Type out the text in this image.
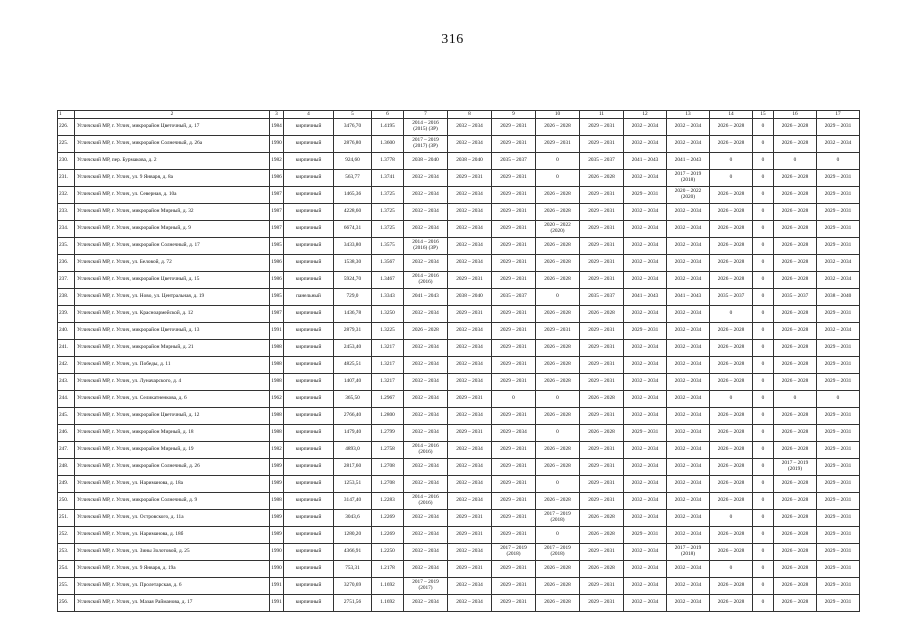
316
1	2	3	4	5	6	7	8	9	10	11	12	13	14	15	16	17
226.	Угличский МР, г. Углич, микрорайон Цветочный, д. 17	1984	кирпичный	3476,70	1.4195	2014 – 2016 (2015) (ЗР)	2032 – 2034	2029 – 2031	2026 – 2028	2029 – 2031	2032 – 2034	2032 – 2034	2026 – 2028	0	2026 – 2028	2029 – 2031
225.	Угличский МР, г. Углич, микрорайон Солнечный, д. 26а	1990	кирпичный	2876,80	1.3600	2017 – 2019 (2017) (ЗР)	2032 – 2034	2029 – 2031	2029 – 2031	2029 – 2031	2032 – 2034	2032 – 2034	2026 – 2028	0	2026 – 2028	2032 – 2034
230.	Угличский МР, пер. Бурмакова, д. 2	1982	кирпичный	924,60	1.3778	2038 – 2040	2038 – 2040	2035 – 2037	0	2035 – 2037	2041 – 2043	2041 – 2043	0	0	0	0
231.	Угличский МР, г. Углич, ул. 9 Января, д. 8а	1986	кирпичный	563,77	1.3741	2032 – 2034	2029 – 2031	2029 – 2031	0	2026 – 2028	2032 – 2034	2017 – 2019 (2018)	0	0	2026 – 2028	2029 – 2031
232.	Угличский МР, г. Углич, ул. Северная, д. 10а	1987	кирпичный	1465,36	1.3725	2032 – 2034	2032 – 2034	2029 – 2031	2026 – 2028	2029 – 2031	2029 – 2031	2020 – 2022 (2020)	2026 – 2028	0	2026 – 2028	2029 – 2031
233.	Угличский МР, г. Углич, микрорайон Мирный, д. 32	1987	кирпичный	4228,60	1.3725	2032 – 2034	2032 – 2034	2029 – 2031	2026 – 2028	2029 – 2031	2032 – 2034	2032 – 2034	2026 – 2028	0	2026 – 2028	2029 – 2031
234.	Угличский МР, г. Углич, микрорайон Мирный, д. 9	1987	кирпичный	6674,31	1.3725	2032 – 2034	2032 – 2034	2029 – 2031	2020 – 2022 (2020)	2029 – 2031	2032 – 2034	2032 – 2034	2026 – 2028	0	2026 – 2028	2029 – 2031
235.	Угличский МР, г. Углич, микрорайон Солнечный, д. 17	1985	кирпичный	3433,80	1.3575	2014 – 2016 (2016) (ЗР)	2032 – 2034	2029 – 2031	2026 – 2028	2029 – 2031	2032 – 2034	2032 – 2034	2026 – 2028	0	2026 – 2028	2029 – 2031
236.	Угличский МР, г. Углич, ул. Беловой, д. 72	1986	кирпичный	1538,30	1.3567	2032 – 2034	2032 – 2034	2029 – 2031	2026 – 2028	2029 – 2031	2032 – 2034	2032 – 2034	2026 – 2028	0	2026 – 2028	2032 – 2034
237.	Угличский МР, г. Углич, микрорайон Цветочный, д. 15	1986	кирпичный	5924,70	1.3467	2014 – 2016 (2016)	2029 – 2031	2029 – 2031	2026 – 2028	2029 – 2031	2032 – 2034	2032 – 2034	2026 – 2028	0	2026 – 2028	2032 – 2034
238.	Угличский МР, г. Углич, ул. Ново, ул. Центральная, д. 19	1985	панельный	729,0	1.3343	2041 – 2043	2038 – 2040	2035 – 2037	0	2035 – 2037	2041 – 2043	2041 – 2043	2035 – 2037	0	2035 – 2037	2038 – 2040
239.	Угличский МР, г. Углич, ул. Красноармейской, д. 12	1987	кирпичный	1436,78	1.3250	2032 – 2034	2029 – 2031	2029 – 2031	2026 – 2028	2026 – 2028	2032 – 2034	2032 – 2034	0	0	2026 – 2028	2029 – 2031
240.	Угличский МР, г. Углич, микрорайон Цветочный, д. 13	1991	кирпичный	2879,31	1.3225	2026 – 2028	2032 – 2034	2029 – 2031	2029 – 2031	2029 – 2031	2029 – 2031	2032 – 2034	2026 – 2028	0	2026 – 2028	2032 – 2034
241.	Угличский МР, г. Углич, микрорайон Мирный, д. 21	1988	кирпичный	2453,40	1.3217	2032 – 2034	2032 – 2034	2029 – 2031	2026 – 2028	2029 – 2031	2032 – 2034	2032 – 2034	2026 – 2028	0	2026 – 2028	2029 – 2031
242.	Угличский МР, г. Углич, ул. Победы, д. 11	1988	кирпичный	4825,51	1.3217	2032 – 2034	2032 – 2034	2029 – 2031	2026 – 2028	2029 – 2031	2032 – 2034	2032 – 2034	2026 – 2028	0	2026 – 2028	2029 – 2031
243.	Угличский МР, г. Углич, ул. Луначарского, д. 4	1988	кирпичный	1407,40	1.3217	2032 – 2034	2032 – 2034	2029 – 2031	2026 – 2028	2029 – 2031	2032 – 2034	2032 – 2034	2026 – 2028	0	2026 – 2028	2029 – 2031
244.	Угличский МР, г. Углич, ул. Селикатненкова, д. 6	1962	кирпичный	365,50	1.2967	2032 – 2034	2029 – 2031	0	0	2026 – 2028	2032 – 2034	2032 – 2034	0	0	0	0
245.	Угличский МР, г. Углич, микрорайон Цветочный, д. 12	1988	кирпичный	2766,40	1.2800	2032 – 2034	2032 – 2034	2029 – 2031	2026 – 2028	2029 – 2031	2032 – 2034	2032 – 2034	2026 – 2028	0	2026 – 2028	2029 – 2031
246.	Угличский МР, г. Углич, микрорайон Мирный, д. 18	1988	кирпичный	1479,40	1.2799	2032 – 2034	2029 – 2031	2029 – 2034	0	2026 – 2028	2029 – 2031	2032 – 2034	2026 – 2028	0	2026 – 2028	2029 – 2031
247.	Угличский МР, г. Углич, микрорайон Мирный, д. 19	1982	кирпичный	4893,0	1.2758	2014 – 2016 (2016)	2032 – 2034	2029 – 2031	2026 – 2028	2029 – 2031	2032 – 2034	2032 – 2034	2026 – 2028	0	2026 – 2028	2029 – 2031
248.	Угличский МР, г. Углич, микрорайон Солнечный, д. 26	1989	кирпичный	2817,60	1.2708	2032 – 2034	2032 – 2034	2029 – 2031	2026 – 2028	2029 – 2031	2032 – 2034	2032 – 2034	2026 – 2028	0	2017 – 2019 (2019)	2029 – 2031
249.	Угличский МР, г. Углич, ул. Нариманова, д. 18а	1989	кирпичный	1253,51	1.2708	2032 – 2034	2032 – 2034	2029 – 2031	0	2029 – 2031	2032 – 2034	2032 – 2034	2026 – 2028	0	2026 – 2028	2029 – 2031
250.	Угличский МР, г. Углич, микрорайон Солнечный, д. 9	1988	кирпичный	3147,40	1.2283	2014 – 2016 (2016)	2032 – 2034	2029 – 2031	2026 – 2028	2029 – 2031	2032 – 2034	2032 – 2034	2026 – 2028	0	2026 – 2028	2029 – 2031
251.	Угличский МР, г. Углич, ул. Островского, д. 11а	1989	кирпичный	3043,6	1.2269	2032 – 2034	2029 – 2031	2029 – 2031	2017 – 2019 (2018)	2026 – 2028	2032 – 2034	2032 – 2034	0	0	2026 – 2028	2029 – 2031
252.	Угличский МР, г. Углич, ул. Нариманова, д. 18б	1989	кирпичный	1280,20	1.2269	2032 – 2034	2029 – 2031	2029 – 2031	0	2026 – 2028	2029 – 2031	2032 – 2034	2026 – 2028	0	2026 – 2028	2029 – 2031
253.	Угличский МР, г. Углич, ул. Зины Золотовой, д. 25	1990	кирпичный	4366,91	1.2250	2032 – 2034	2032 – 2034	2017 – 2019 (2018)	2017 – 2019 (2018)	2029 – 2031	2032 – 2034	2017 – 2019 (2018)	2026 – 2028	0	2026 – 2028	2029 – 2031
254.	Угличский МР, г. Углич, ул. 9 Января, д. 19а	1990	кирпичный	753,31	1.2178	2032 – 2034	2029 – 2031	2029 – 2031	2026 – 2028	2026 – 2028	2032 – 2034	2032 – 2034	0	0	2026 – 2028	2029 – 2031
255.	Угличский МР, г. Углич, ул. Пролетарская, д. 6	1991	кирпичный	3270,69	1.1692	2017 – 2019 (2017)	2032 – 2034	2029 – 2031	2026 – 2028	2029 – 2031	2032 – 2034	2032 – 2034	2026 – 2028	0	2026 – 2028	2029 – 2031
256.	Угличский МР, г. Углич, ул. Мазая Райманова, д. 17	1991	кирпичный	2751,56	1.1692	2032 – 2034	2032 – 2034	2029 – 2031	2026 – 2028	2029 – 2031	2032 – 2034	2032 – 2034	2026 – 2028	0	2026 – 2028	2029 – 2031
